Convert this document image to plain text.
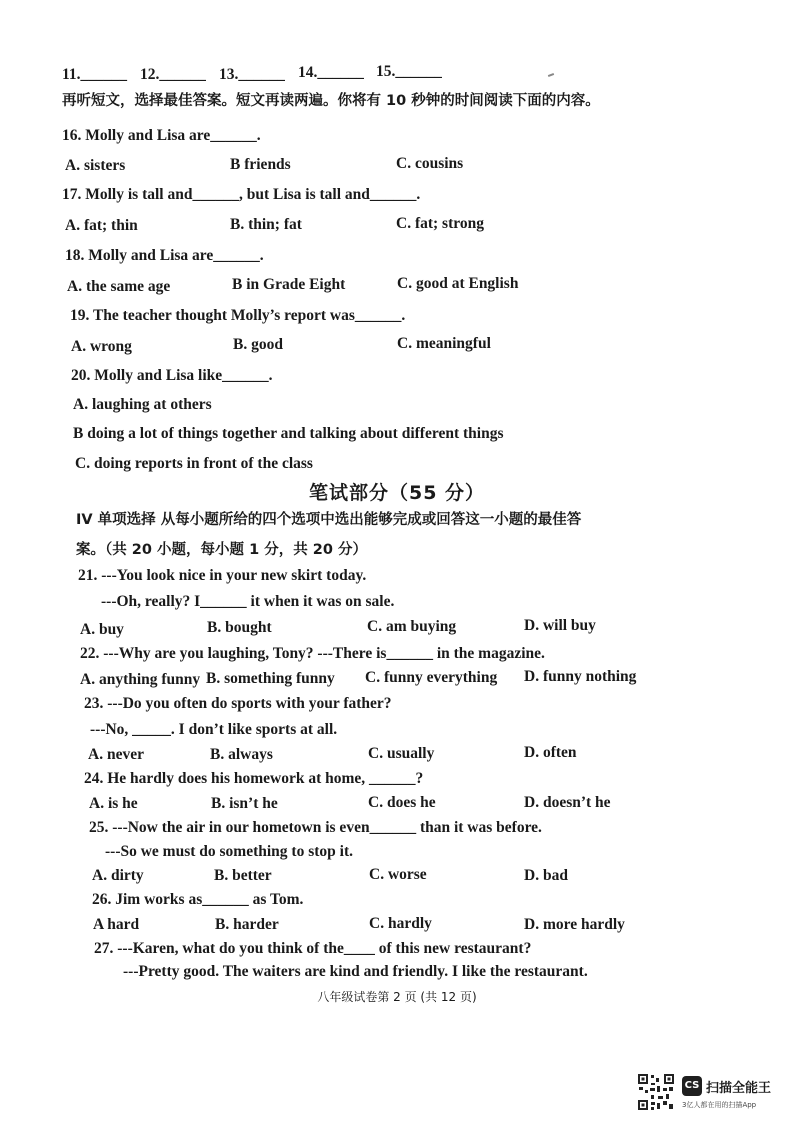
11.______ 12.______ 13.______ 14.______ 15.______
再听短文，选择最佳答案。短文再读两遍。你将有 10 秒钟的时间阅读下面的内容。
16. Molly and Lisa are______.
A. sisters	B friends	C. cousins
17. Molly is tall and______, but Lisa is tall and______.
A. fat; thin	B. thin; fat	C. fat; strong
18. Molly and Lisa are______.
A. the same age	B in Grade Eight	C. good at English
19. The teacher thought Molly’s report was______.
A. wrong	B. good	C. meaningful
20. Molly and Lisa like______.
A. laughing at others
B doing a lot of things together and talking about different things
C. doing reports in front of the class
笔试部分（55 分）
IV 单项选择 从每小题所给的四个选项中选出能够完成或回答这一小题的最佳答
案。（共 20 小题，每小题 1 分，共 20 分）
21. ---You look nice in your new skirt today.
---Oh, really? I______ it when it was on sale.
A. buy	B. bought	C. am buying	D. will buy
22. ---Why are you laughing, Tony? ---There is______ in the magazine.
A. anything funny B. something funny C. funny everything D. funny nothing
23. ---Do you often do sports with your father?
---No, _____. I don’t like sports at all.
A. never	B. always	C. usually	D. often
24. He hardly does his homework at home, ______?
A. is he	B. isn’t he	C. does he	D. doesn’t he
25. ---Now the air in our hometown is even______ than it was before.
---So we must do something to stop it.
A. dirty	B. better	C. worse	D. bad
26. Jim works as______ as Tom.
A hard	B. harder	C. hardly	D. more hardly
27. ---Karen, what do you think of the____ of this new restaurant?
---Pretty good. The waiters are kind and friendly. I like the restaurant.
八年级试卷第 2 页 (共 12 页)
CS 扫描全能王
3亿人都在用的扫描App
